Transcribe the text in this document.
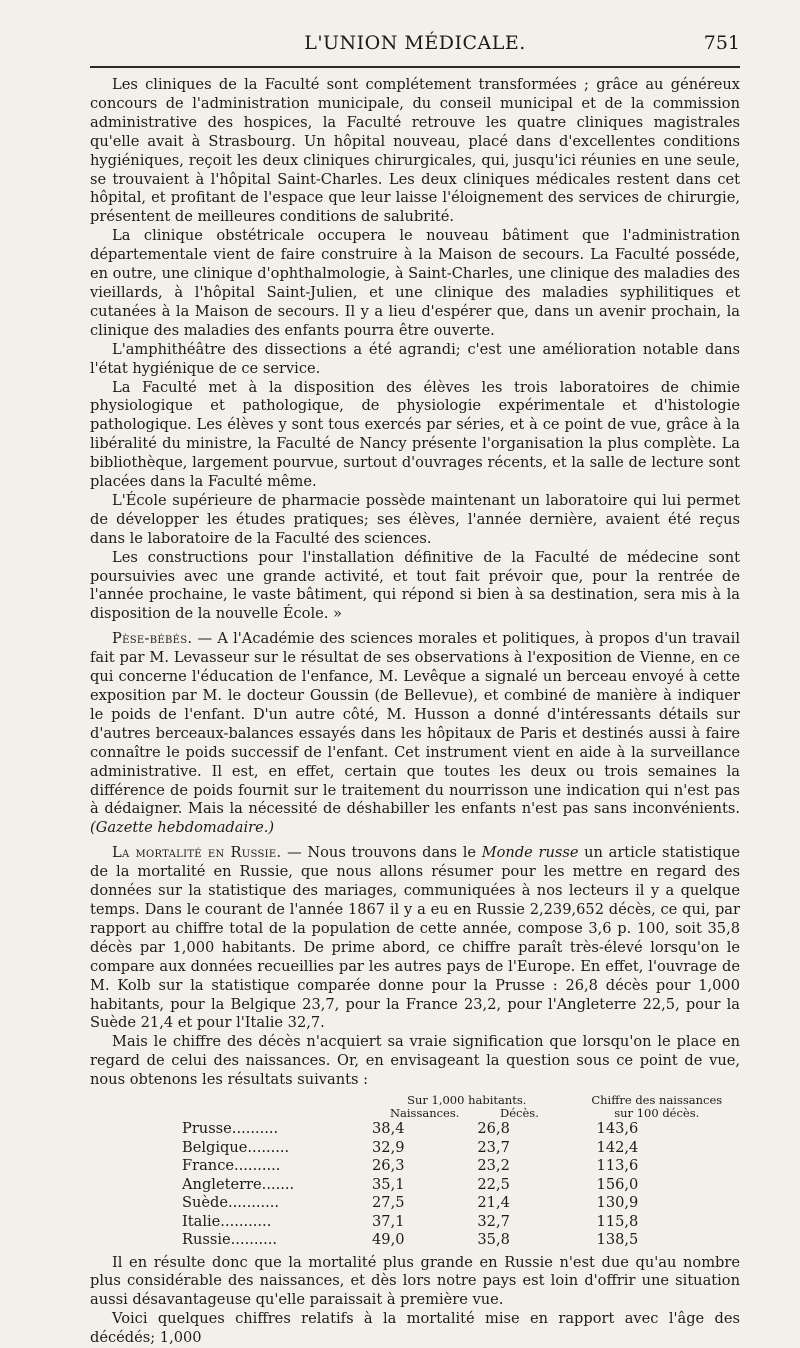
L'UNION MÉDICALE.	751

Les cliniques de la Faculté sont complétement transformées ; grâce au généreux concours de l'administration municipale, du conseil municipal et de la commission administrative des hospices, la Faculté retrouve les quatre cliniques magistrales qu'elle avait à Strasbourg. Un hôpital nouveau, placé dans d'excellentes conditions hygiéniques, reçoit les deux cliniques chirurgicales, qui, jusqu'ici réunies en une seule, se trouvaient à l'hôpital Saint-Charles. Les deux cliniques médicales restent dans cet hôpital, et profitant de l'espace que leur laisse l'éloignement des services de chirurgie, présentent de meilleures conditions de salubrité.

La clinique obstétricale occupera le nouveau bâtiment que l'administration départementale vient de faire construire à la Maison de secours. La Faculté posséde, en outre, une clinique d'ophthalmologie, à Saint-Charles, une clinique des maladies des vieillards, à l'hôpital Saint-Julien, et une clinique des maladies syphilitiques et cutanées à la Maison de secours. Il y a lieu d'espérer que, dans un avenir prochain, la clinique des maladies des enfants pourra être ouverte.

L'amphithéâtre des dissections a été agrandi; c'est une amélioration notable dans l'état hygiénique de ce service.

La Faculté met à la disposition des élèves les trois laboratoires de chimie physiologique et pathologique, de physiologie expérimentale et d'histologie pathologique. Les élèves y sont tous exercés par séries, et à ce point de vue, grâce à la libéralité du ministre, la Faculté de Nancy présente l'organisation la plus complète. La bibliothèque, largement pourvue, surtout d'ouvrages récents, et la salle de lecture sont placées dans la Faculté même.

L'École supérieure de pharmacie possède maintenant un laboratoire qui lui permet de développer les études pratiques; ses élèves, l'année dernière, avaient été reçus dans le laboratoire de la Faculté des sciences.

Les constructions pour l'installation définitive de la Faculté de médecine sont poursuivies avec une grande activité, et tout fait prévoir que, pour la rentrée de l'année prochaine, le vaste bâtiment, qui répond si bien à sa destination, sera mis à la disposition de la nouvelle École. »

Pèse-bébés. — A l'Académie des sciences morales et politiques, à propos d'un travail fait par M. Levasseur sur le résultat de ses observations à l'exposition de Vienne, en ce qui concerne l'éducation de l'enfance, M. Levêque a signalé un berceau envoyé à cette exposition par M. le docteur Goussin (de Bellevue), et combiné de manière à indiquer le poids de l'enfant. D'un autre côté, M. Husson a donné d'intéressants détails sur d'autres berceaux-balances essayés dans les hôpitaux de Paris et destinés aussi à faire connaître le poids successif de l'enfant. Cet instrument vient en aide à la surveillance administrative. Il est, en effet, certain que toutes les deux ou trois semaines la différence de poids fournit sur le traitement du nourrisson une indication qui n'est pas à dédaigner. Mais la nécessité de déshabiller les enfants n'est pas sans inconvénients. (Gazette hebdomadaire.)

La mortalité en Russie. — Nous trouvons dans le Monde russe un article statistique de la mortalité en Russie, que nous allons résumer pour les mettre en regard des données sur la statistique des mariages, communiquées à nos lecteurs il y a quelque temps. Dans le courant de l'année 1867 il y a eu en Russie 2,239,652 décès, ce qui, par rapport au chiffre total de la population de cette année, compose 3,6 p. 100, soit 35,8 décès par 1,000 habitants. De prime abord, ce chiffre paraît très-élevé lorsqu'on le compare aux données recueillies par les autres pays de l'Europe. En effet, l'ouvrage de M. Kolb sur la statistique comparée donne pour la Prusse : 26,8 décès pour 1,000 habitants, pour la Belgique 23,7, pour la France 23,2, pour l'Angleterre 22,5, pour la Suède 21,4 et pour l'Italie 32,7.

Mais le chiffre des décès n'acquiert sa vraie signification que lorsqu'on le place en regard de celui des naissances. Or, en envisageant la question sous ce point de vue, nous obtenons les résultats suivants :

	Sur 1,000 habitants.		Chiffre des naissances
	Naissances.	Décès.	sur 100 décès.
Prusse..........	38,4	26,8	143,6
Belgique.........	32,9	23,7	142,4
France..........	26,3	23,2	113,6
Angleterre.......	35,1	22,5	156,0
Suède...........	27,5	21,4	130,9
Italie...........	37,1	32,7	115,8
Russie..........	49,0	35,8	138,5

Il en résulte donc que la mortalité plus grande en Russie n'est due qu'au nombre plus considérable des naissances, et dès lors notre pays est loin d'offrir une situation aussi désavantageuse qu'elle paraissait à première vue.

Voici quelques chiffres relatifs à la mortalité mise en rapport avec l'âge des décédés; 1,000
